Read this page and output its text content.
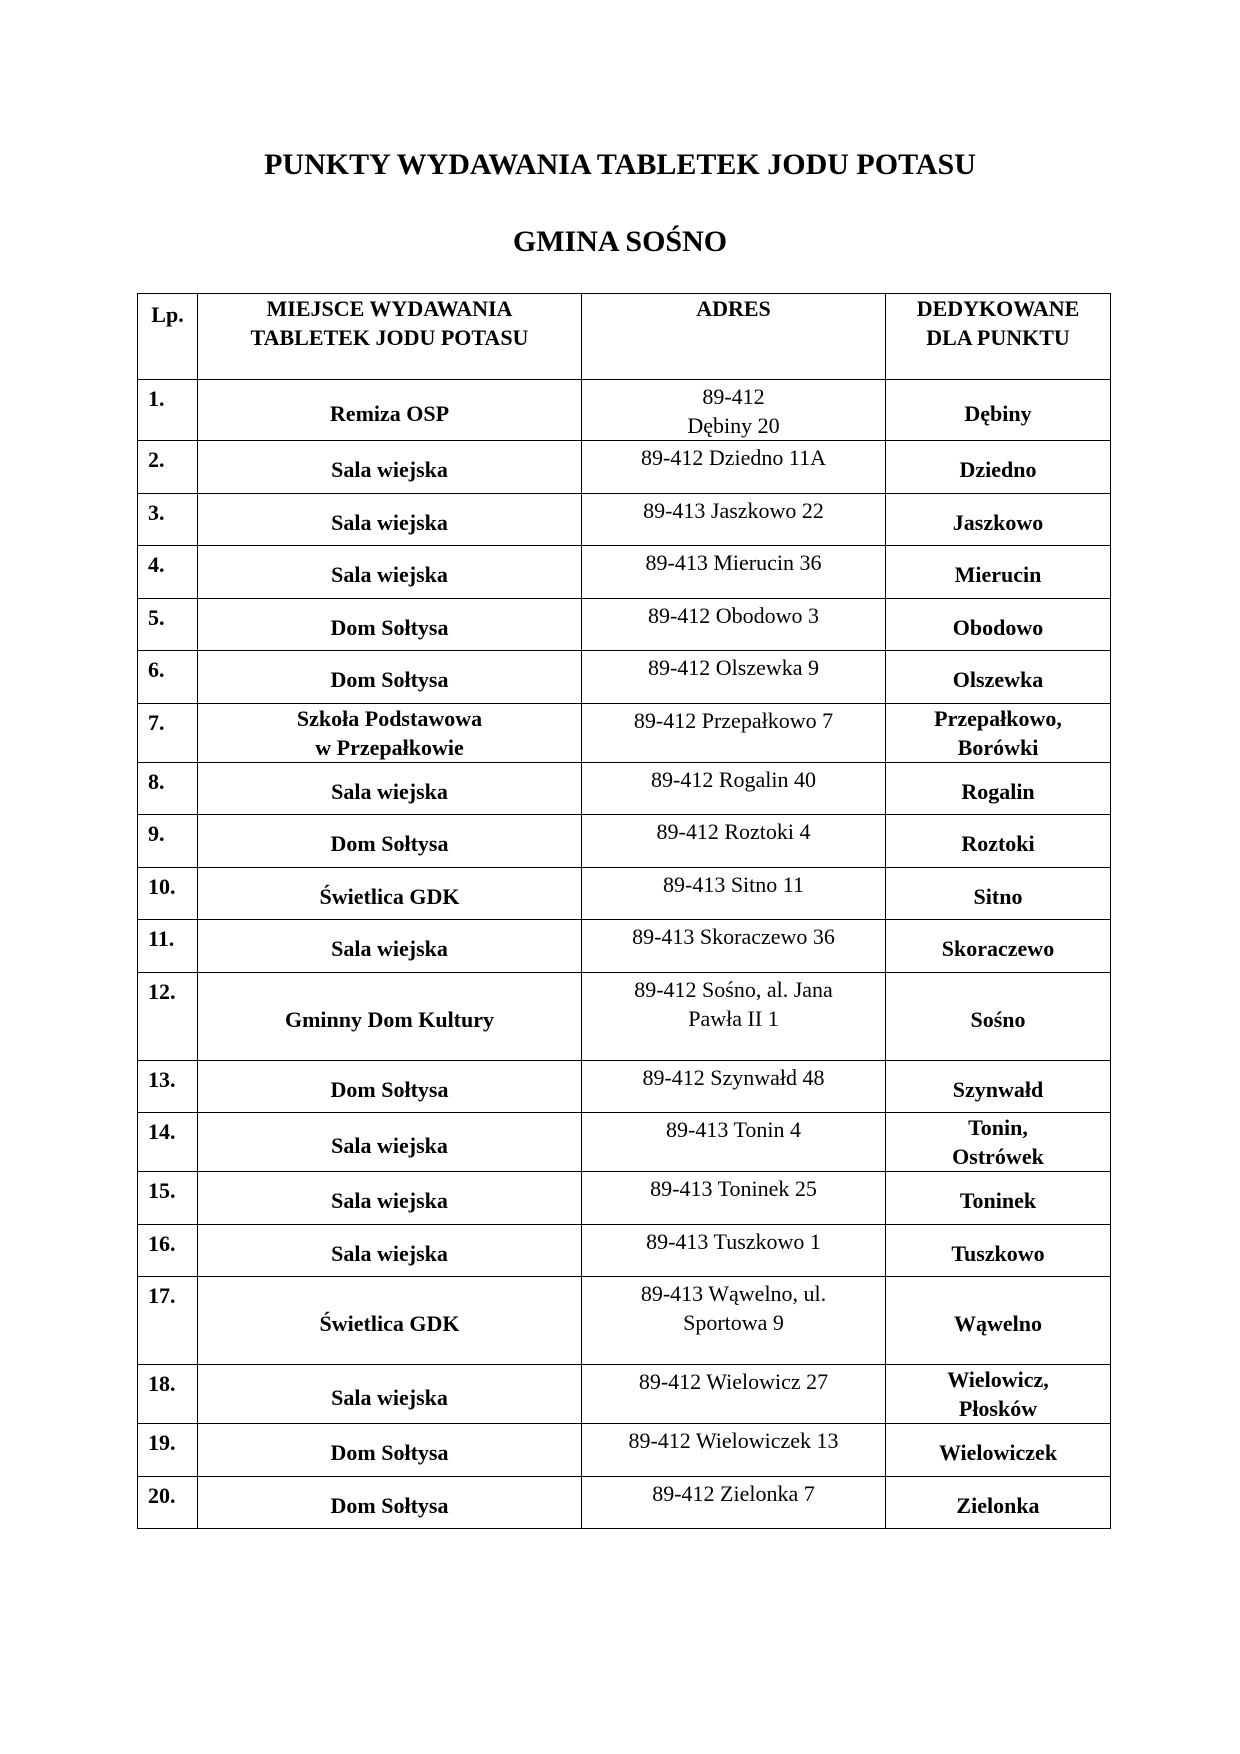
PUNKTY WYDAWANIA TABLETEK JODU POTASU
GMINA SOŚNO
Lp.	MIEJSCE WYDAWANIA
TABLETEK JODU POTASU	ADRES	DEDYKOWANE
DLA PUNKTU

1.	Remiza OSP	89-412
Dębiny 20	Dębiny

2.	Sala wiejska	89-412 Dziedno 11A	Dziedno

3.	Sala wiejska	89-413 Jaszkowo 22	Jaszkowo

4.	Sala wiejska	89-413 Mierucin 36	Mierucin

5.	Dom Sołtysa	89-412 Obodowo 3	Obodowo

6.	Dom Sołtysa	89-412 Olszewka 9	Olszewka

7.	Szkoła Podstawowa
w Przepałkowie	89-412 Przepałkowo 7	Przepałkowo,
Borówki

8.	Sala wiejska	89-412 Rogalin 40	Rogalin

9.	Dom Sołtysa	89-412 Roztoki 4	Roztoki

10.	Świetlica GDK	89-413 Sitno 11	Sitno

11.	Sala wiejska	89-413 Skoraczewo 36	Skoraczewo

12.	Gminny Dom Kultury	89-412 Sośno, al. Jana
Pawła II 1	Sośno

13.	Dom Sołtysa	89-412 Szynwałd 48	Szynwałd

14.	Sala wiejska	89-413 Tonin 4	Tonin,
Ostrówek

15.	Sala wiejska	89-413 Toninek 25	Toninek

16.	Sala wiejska	89-413 Tuszkowo 1	Tuszkowo

17.	Świetlica GDK	89-413 Wąwelno, ul.
Sportowa 9	Wąwelno

18.	Sala wiejska	89-412 Wielowicz 27	Wielowicz,
Płosków

19.	Dom Sołtysa	89-412 Wielowiczek 13	Wielowiczek

20.	Dom Sołtysa	89-412 Zielonka 7	Zielonka
